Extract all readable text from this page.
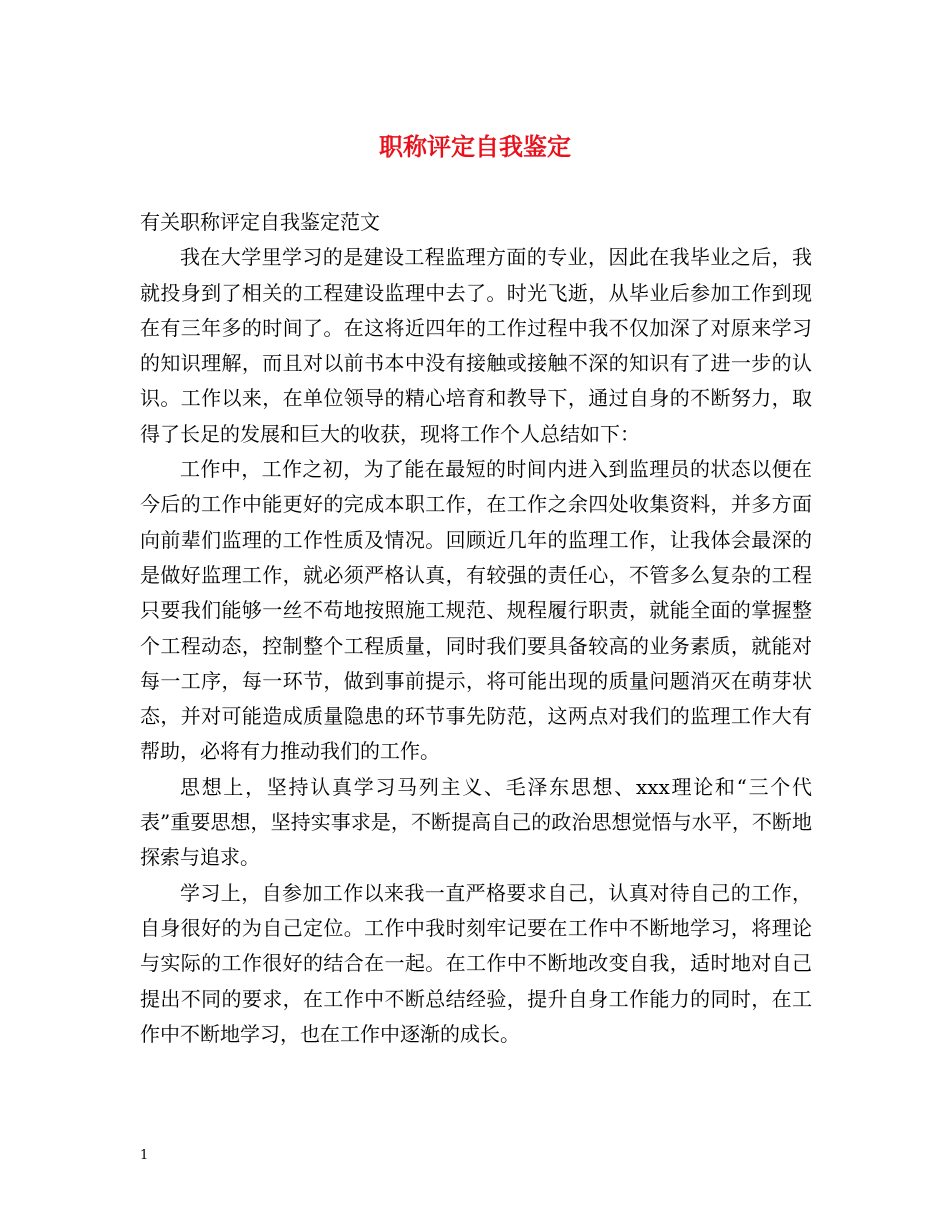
职称评定自我鉴定

有关职称评定自我鉴定范文

我在大学里学习的是建设工程监理方面的专业，因此在我毕业之后，我就投身到了相关的工程建设监理中去了。时光飞逝，从毕业后参加工作到现在有三年多的时间了。在这将近四年的工作过程中我不仅加深了对原来学习的知识理解，而且对以前书本中没有接触或接触不深的知识有了进一步的认识。工作以来，在单位领导的精心培育和教导下，通过自身的不断努力，取得了长足的发展和巨大的收获，现将工作个人总结如下：

工作中，工作之初，为了能在最短的时间内进入到监理员的状态以便在今后的工作中能更好的完成本职工作，在工作之余四处收集资料，并多方面向前辈们监理的工作性质及情况。回顾近几年的监理工作，让我体会最深的是做好监理工作，就必须严格认真，有较强的责任心，不管多么复杂的工程只要我们能够一丝不苟地按照施工规范、规程履行职责，就能全面的掌握整个工程动态，控制整个工程质量，同时我们要具备较高的业务素质，就能对每一工序，每一环节，做到事前提示，将可能出现的质量问题消灭在萌芽状态，并对可能造成质量隐患的环节事先防范，这两点对我们的监理工作大有帮助，必将有力推动我们的工作。

思想上，坚持认真学习马列主义、毛泽东思想、xxx理论和“三个代表”重要思想，坚持实事求是，不断提高自己的政治思想觉悟与水平，不断地探索与追求。

学习上，自参加工作以来我一直严格要求自己，认真对待自己的工作，自身很好的为自己定位。工作中我时刻牢记要在工作中不断地学习，将理论与实际的工作很好的结合在一起。在工作中不断地改变自我，适时地对自己提出不同的要求，在工作中不断总结经验，提升自身工作能力的同时，在工作中不断地学习，也在工作中逐渐的成长。

1
